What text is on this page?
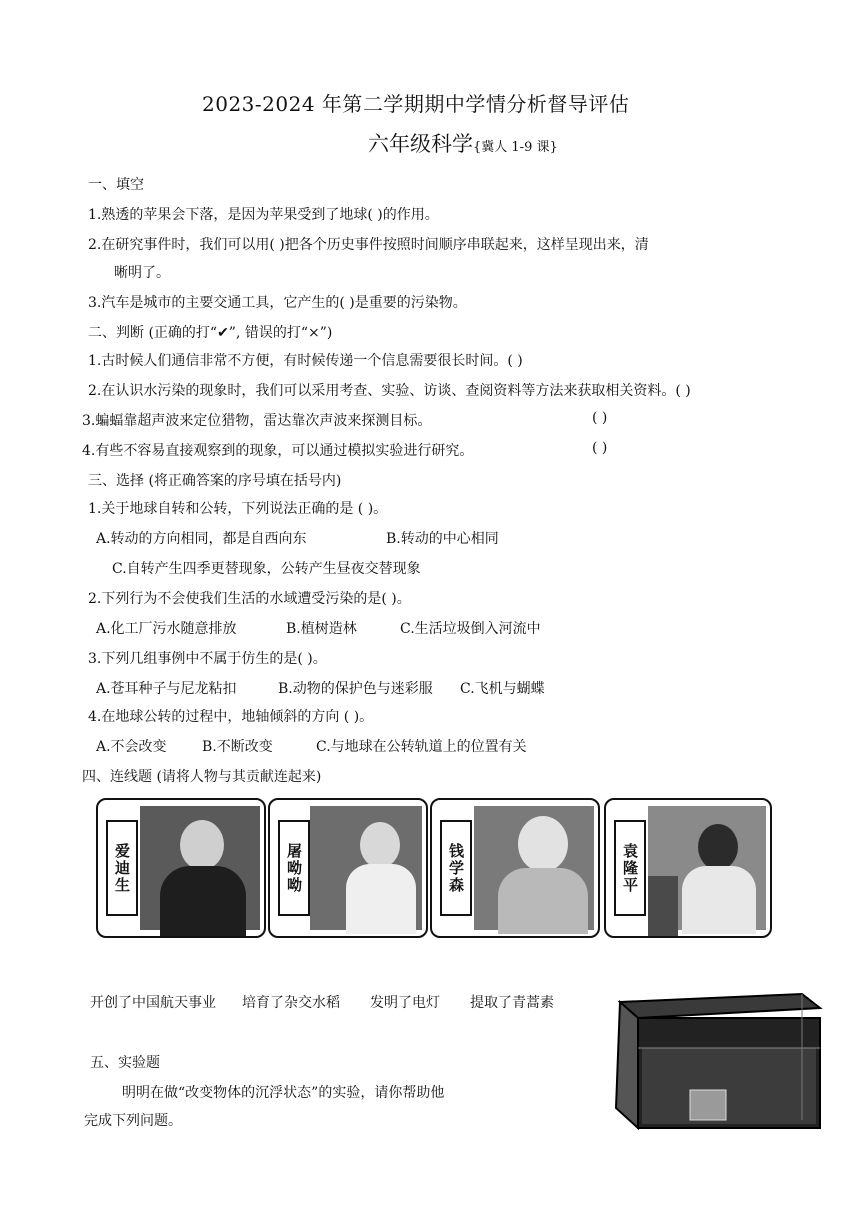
2023-2024 年第二学期期中学情分析督导评估
六年级科学{冀人 1-9 课}
一、填空
1.熟透的苹果会下落，是因为苹果受到了地球( )的作用。
2.在研究事件时，我们可以用( )把各个历史事件按照时间顺序串联起来，这样呈现出来，清
晰明了。
3.汽车是城市的主要交通工具，它产生的( )是重要的污染物。
二、判断 (正确的打“✔”, 错误的打“×”)
1.古时候人们通信非常不方便，有时候传递一个信息需要很长时间。( )
2.在认识水污染的现象时，我们可以采用考查、实验、访谈、查阅资料等方法来获取相关资料。( )
3.蝙蝠靠超声波来定位猎物，雷达靠次声波来探测目标。	( )
4.有些不容易直接观察到的现象，可以通过模拟实验进行研究。	( )
三、选择 (将正确答案的序号填在括号内)
1.关于地球自转和公转，下列说法正确的是 ( )。
A.转动的方向相同，都是自西向东	B.转动的中心相同
C.自转产生四季更替现象，公转产生昼夜交替现象
2.下列行为不会使我们生活的水域遭受污染的是( )。
A.化工厂污水随意排放	B.植树造林	C.生活垃圾倒入河流中
3.下列几组事例中不属于仿生的是( )。
A.苍耳种子与尼龙粘扣	B.动物的保护色与迷彩服 C.飞机与蝴蝶
4.在地球公转的过程中，地轴倾斜的方向 ( )。
A.不会改变	B.不断改变	C.与地球在公转轨道上的位置有关
四、连线题 (请将人物与其贡献连起来)
爱迪生	屠呦呦	钱学森	袁隆平
开创了中国航天事业 培育了杂交水稻 发明了电灯 提取了青蒿素
五、实验题
明明在做“改变物体的沉浮状态”的实验，请你帮助他
完成下列问题。
